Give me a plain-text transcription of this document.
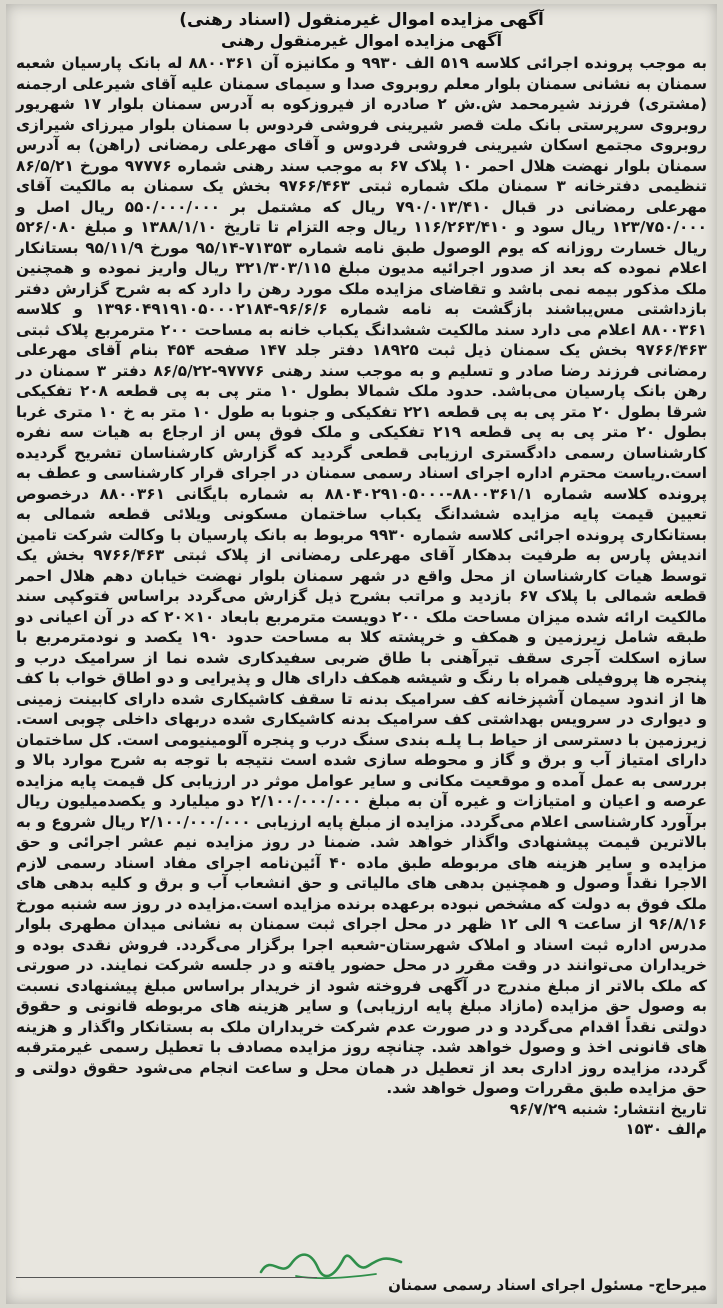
آگهی مزایده اموال غیرمنقول (اسناد رهنی)
آگهی مزایده اموال غیرمنقول رهنی

به موجب پرونده اجرائی کلاسه ۵۱۹ الف ۹۹۳۰ و مکانیزه آن ۸۸۰۰۳۶۱ له بانک پارسیان شعبه سمنان به نشانی سمنان بلوار معلم روبروی صدا و سیمای سمنان علیه آقای شیرعلی ارجمنه (مشتری) فرزند شیرمحمد ش.ش ۲ صادره از فیروزکوه به آدرس سمنان بلوار ۱۷ شهریور روبروی سرپرستی بانک ملت قصر شیرینی فروشی فردوس با سمنان بلوار میرزای شیرازی روبروی مجتمع اسکان شیرینی فروشی فردوس و آقای مهرعلی رمضانی (راهن) به آدرس سمنان بلوار نهضت هلال احمر ۱۰ پلاک ۶۷ به موجب سند رهنی شماره ۹۷۷۷۶ مورخ ۸۶/۵/۲۱ تنظیمی دفترخانه ۳ سمنان ملک شماره ثبتی ۹۷۶۶/۴۶۳ بخش یک سمنان به مالکیت آقای مهرعلی رمضانی در قبال ۷۹۰/۰۱۳/۴۱۰ ریال که مشتمل بر ۵۵۰/۰۰۰/۰۰۰ ریال اصل و ۱۲۳/۷۵۰/۰۰۰ ریال سود و ۱۱۶/۲۶۳/۴۱۰ ریال وجه التزام تا تاریخ ۱۳۸۸/۱/۱۰ و مبلغ ۵۲۶/۰۸۰ ریال خسارت روزانه که یوم الوصول طبق نامه شماره ۷۱۳۵۳-۹۵/۱۴ مورخ ۹۵/۱۱/۹ بستانکار اعلام نموده که بعد از صدور اجرائیه مدیون مبلغ ۳۲۱/۳۰۳/۱۱۵ ریال واریز نموده و همچنین ملک مذکور بیمه نمی باشد و تقاضای مزایده ملک مورد رهن را دارد که به شرح گزارش دفتر بازداشتی مس‌یباشند بازگشت به نامه شماره ۹۶/۶/۶-۱۳۹۶۰۴۹۱۹۱۰۵۰۰۰۲۱۸۴ و کلاسه ۸۸۰۰۳۶۱ اعلام می دارد سند مالکیت ششدانگ یکباب خانه به مساحت ۲۰۰ مترمربع پلاک ثبتی ۹۷۶۶/۴۶۳ بخش یک سمنان ذیل ثبت ۱۸۹۲۵ دفتر جلد ۱۴۷ صفحه ۴۵۴ بنام آقای مهرعلی رمضانی فرزند رضا صادر و تسلیم و به موجب سند رهنی ۹۷۷۷۶-۸۶/۵/۲۲ دفتر ۳ سمنان در رهن بانک پارسیان می‌باشد. حدود ملک شمالا بطول ۱۰ متر پی به پی قطعه ۲۰۸ تفکیکی شرقا بطول ۲۰ متر پی به پی قطعه ۲۲۱ تفکیکی و جنوبا به طول ۱۰ متر به خ ۱۰ متری غربا بطول ۲۰ متر پی به پی قطعه ۲۱۹ تفکیکی و ملک فوق پس از ارجاع به هیات سه نفره کارشناسان رسمی دادگستری ارزیابی قطعی گردید که گزارش کارشناسان تشریح گردیده است.ریاست محترم اداره اجرای اسناد رسمی سمنان در اجرای قرار کارشناسی و عطف به پرونده کلاسه شماره ۸۸۰۰۳۶۱/۱-۸۸۰۴۰۲۹۱۰۵۰۰۰ به شماره بایگانی ۸۸۰۰۳۶۱ درخصوص تعیین قیمت پایه مزایده ششدانگ یکباب ساختمان مسکونی ویلائی قطعه شمالی به بستانکاری پرونده اجرائی کلاسه شماره ۹۹۳۰ مربوط به بانک پارسیان با وکالت شرکت تامین اندیش پارس به طرفیت بدهکار آقای مهرعلی رمضانی از پلاک ثبتی ۹۷۶۶/۴۶۳ بخش یک توسط هیات کارشناسان از محل واقع در شهر سمنان بلوار نهضت خیابان دهم هلال احمر قطعه شمالی با پلاک ۶۷ بازدید و مراتب بشرح ذیل گزارش می‌گردد براساس فتوکپی سند مالکیت ارائه شده میزان مساحت ملک ۲۰۰ دویست مترمربع بابعاد ۱۰×۲۰ که در آن اعیانی دو طبقه شامل زیرزمین و همکف و خرپشته کلا به مساحت حدود ۱۹۰ یکصد و نودمترمربع با سازه اسکلت آجری سقف تیرآهنی با طاق ضربی سفیدکاری شده نما از سرامیک درب و پنجره ها پروفیلی همراه با رنگ و شیشه همکف دارای هال و پذیرایی و دو اطاق خواب با کف ها از اندود سیمان آشپزخانه کف سرامیک بدنه تا سقف کاشیکاری شده دارای کابینت زمینی و دیواری در سرویس بهداشتی کف سرامیک بدنه کاشیکاری شده دربهای داخلی چوبی است. زیرزمین با دسترسی از حیاط بـا پلـه بندی سنگ درب و پنجره آلومینیومی است. کل ساختمان دارای امتیاز آب و برق و گاز و محوطه سازی شده است نتیجه با توجه به شرح موارد بالا و بررسی به عمل آمده و موقعیت مکانی و سایر عوامل موثر در ارزیابی کل قیمت پایه مزایده عرصه و اعیان و امتیازات و غیره آن به مبلغ ۲/۱۰۰/۰۰۰/۰۰۰ دو میلیارد و یکصدمیلیون ریال برآورد کارشناسی اعلام می‌گردد. مزایده از مبلغ پایه ارزیابی ۲/۱۰۰/۰۰۰/۰۰۰ ریال شروع و به بالاترین قیمت پیشنهادی واگذار خواهد شد. ضمنا در روز مزایده نیم عشر اجرائی و حق مزایده و سایر هزینه های مربوطه طبق ماده ۴۰ آئین‌نامه اجرای مفاد اسناد رسمی لازم الاجرا نقداً وصول و همچنین بدهی های مالیاتی و حق انشعاب آب و برق و کلیه بدهی های ملک فوق به دولت که مشخص نبوده برعهده برنده مزایده است.مزایده در روز سه شنبه مورخ ۹۶/۸/۱۶ از ساعت ۹ الی ۱۲ ظهر در محل اجرای ثبت سمنان به نشانی میدان مطهری بلوار مدرس اداره ثبت اسناد و املاک شهرستان-شعبه اجرا برگزار می‌گردد. فروش نقدی بوده و خریداران می‌توانند در وقت مقرر در محل حضور یافته و در جلسه شرکت نمایند. در صورتی که ملک بالاتر از مبلغ مندرج در آگهی فروخته شود از خریدار براساس مبلغ پیشنهادی نسبت به وصول حق مزایده (مازاد مبلغ پایه ارزیابی) و سایر هزینه های مربوطه قانونی و حقوق دولتی نقداً اقدام می‌گردد و در صورت عدم شرکت خریداران ملک به بستانکار واگذار و هزینه های قانونی اخذ و وصول خواهد شد. چنانچه روز مزایده مصادف با تعطیل رسمی غیرمترقبه گردد، مزایده روز اداری بعد از تعطیل در همان محل و ساعت انجام می‌شود حقوق دولتی و حق مزایده طبق مقررات وصول خواهد شد.

تاریخ انتشار: شنبه ۹۶/۷/۲۹
م‌الف ۱۵۳۰
میرحاج- مسئول اجرای اسناد رسمی سمنان
